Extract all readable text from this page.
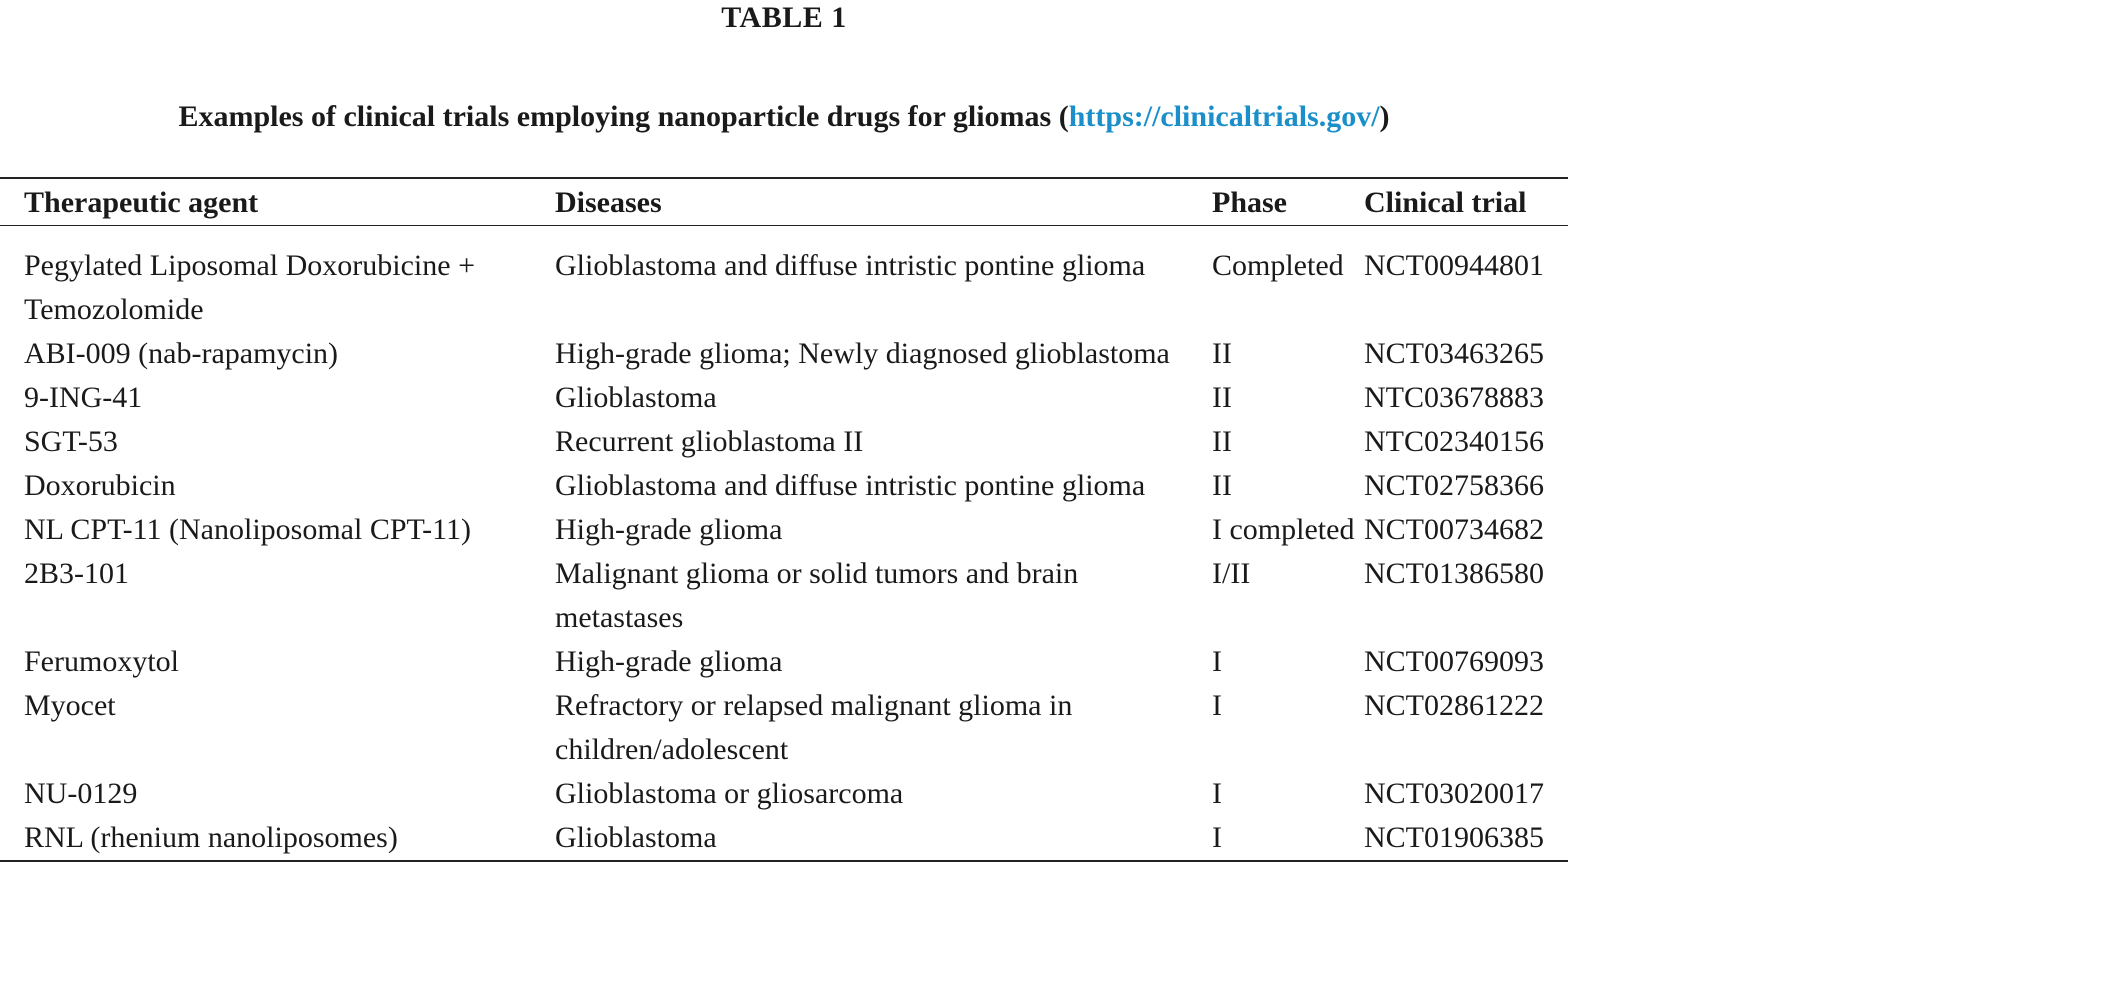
TABLE 1
Examples of clinical trials employing nanoparticle drugs for gliomas (https://clinicaltrials.gov/)
Therapeutic agent	Diseases	Phase	Clinical trial
Pegylated Liposomal Doxorubicine + Temozolomide	Glioblastoma and diffuse intristic pontine glioma	Completed	NCT00944801
ABI-009 (nab-rapamycin)	High-grade glioma; Newly diagnosed glioblastoma	II	NCT03463265
9-ING-41	Glioblastoma	II	NTC03678883
SGT-53	Recurrent glioblastoma II	II	NTC02340156
Doxorubicin	Glioblastoma and diffuse intristic pontine glioma	II	NCT02758366
NL CPT-11 (Nanoliposomal CPT-11)	High-grade glioma	I completed	NCT00734682
2B3-101	Malignant glioma or solid tumors and brain metastases	I/II	NCT01386580
Ferumoxytol	High-grade glioma	I	NCT00769093
Myocet	Refractory or relapsed malignant glioma in children/adolescent	I	NCT02861222
NU-0129	Glioblastoma or gliosarcoma	I	NCT03020017
RNL (rhenium nanoliposomes)	Glioblastoma	I	NCT01906385
